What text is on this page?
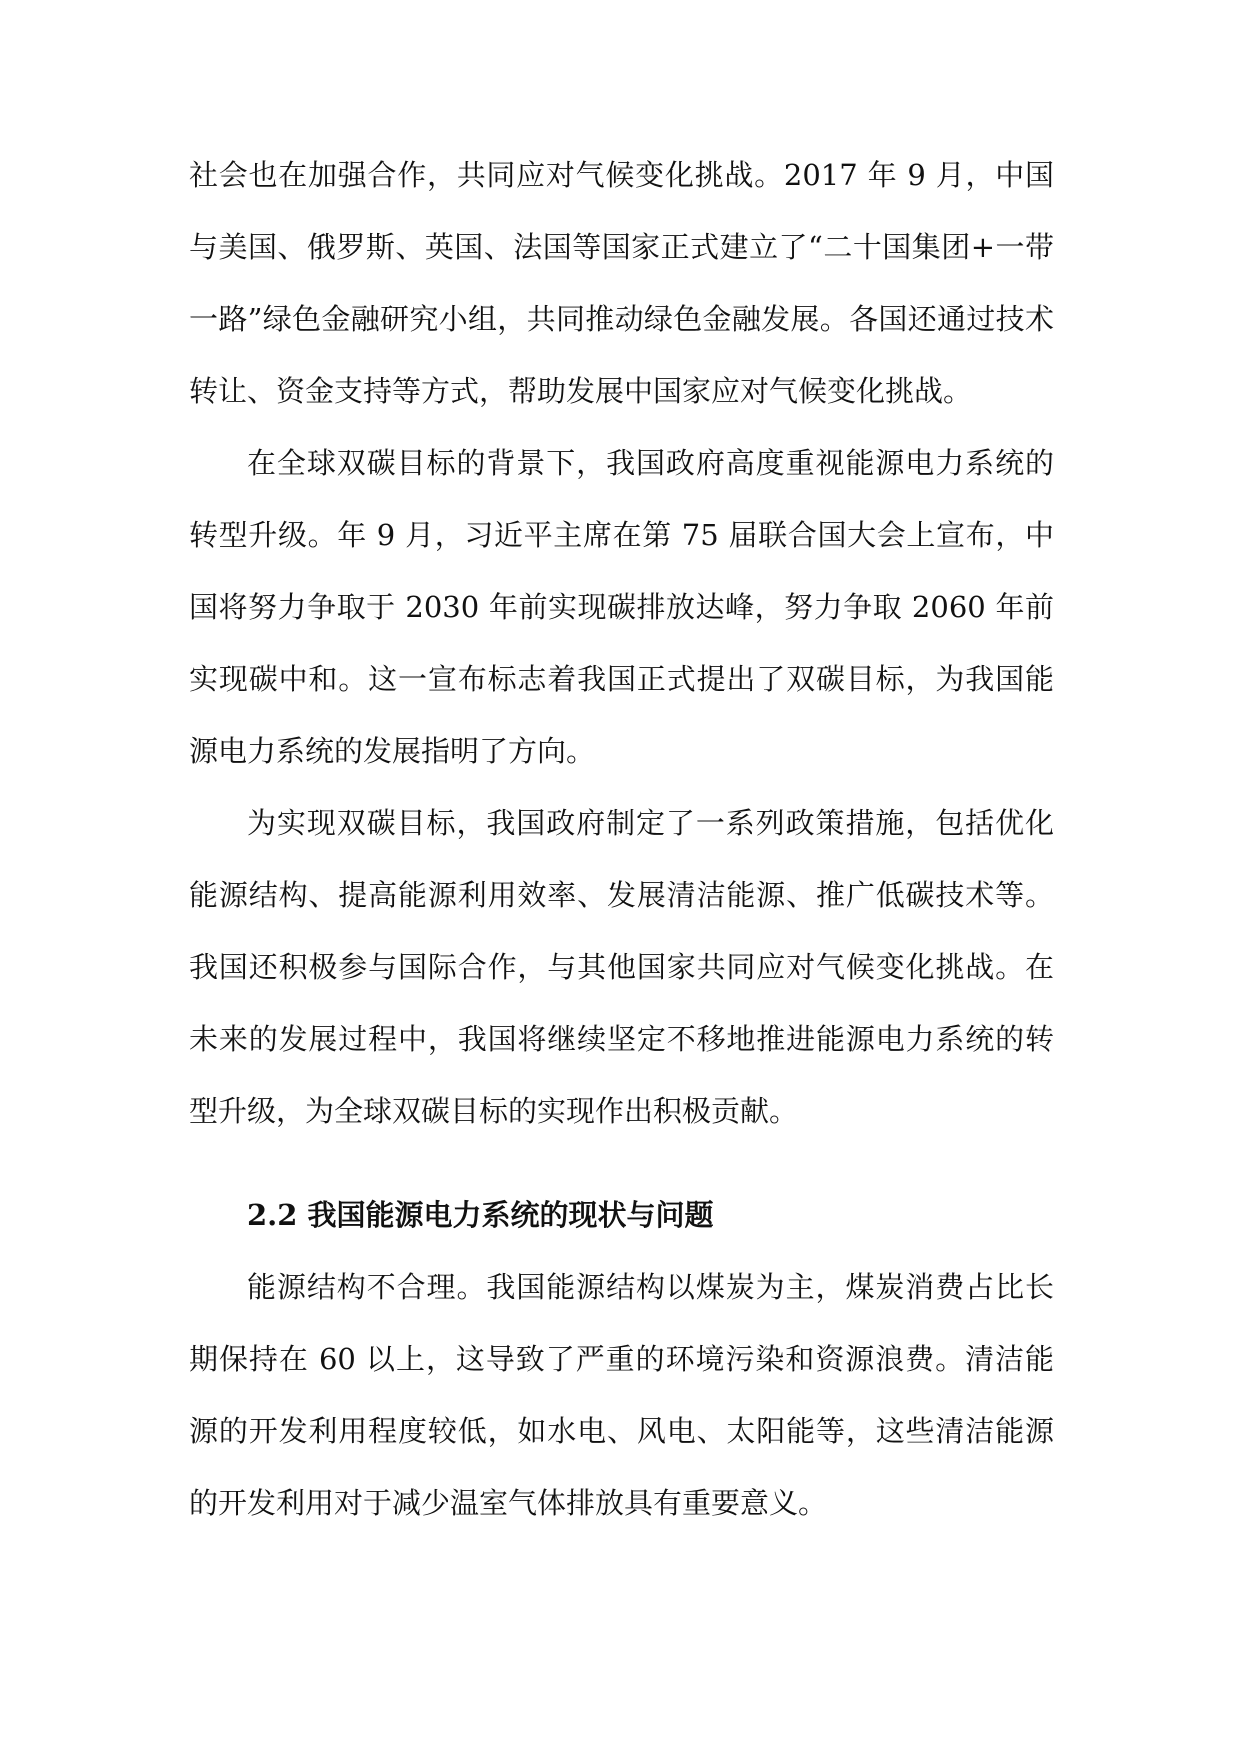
社会也在加强合作，共同应对气候变化挑战。2017 年 9 月，中国与美国、俄罗斯、英国、法国等国家正式建立了“二十国集团+一带一路”绿色金融研究小组，共同推动绿色金融发展。各国还通过技术转让、资金支持等方式，帮助发展中国家应对气候变化挑战。

在全球双碳目标的背景下，我国政府高度重视能源电力系统的转型升级。年 9 月，习近平主席在第 75 届联合国大会上宣布，中国将努力争取于 2030 年前实现碳排放达峰，努力争取 2060 年前实现碳中和。这一宣布标志着我国正式提出了双碳目标，为我国能源电力系统的发展指明了方向。

为实现双碳目标，我国政府制定了一系列政策措施，包括优化能源结构、提高能源利用效率、发展清洁能源、推广低碳技术等。我国还积极参与国际合作，与其他国家共同应对气候变化挑战。在未来的发展过程中，我国将继续坚定不移地推进能源电力系统的转型升级，为全球双碳目标的实现作出积极贡献。

2.2 我国能源电力系统的现状与问题

能源结构不合理。我国能源结构以煤炭为主，煤炭消费占比长期保持在 60 以上，这导致了严重的环境污染和资源浪费。清洁能源的开发利用程度较低，如水电、风电、太阳能等，这些清洁能源的开发利用对于减少温室气体排放具有重要意义。
